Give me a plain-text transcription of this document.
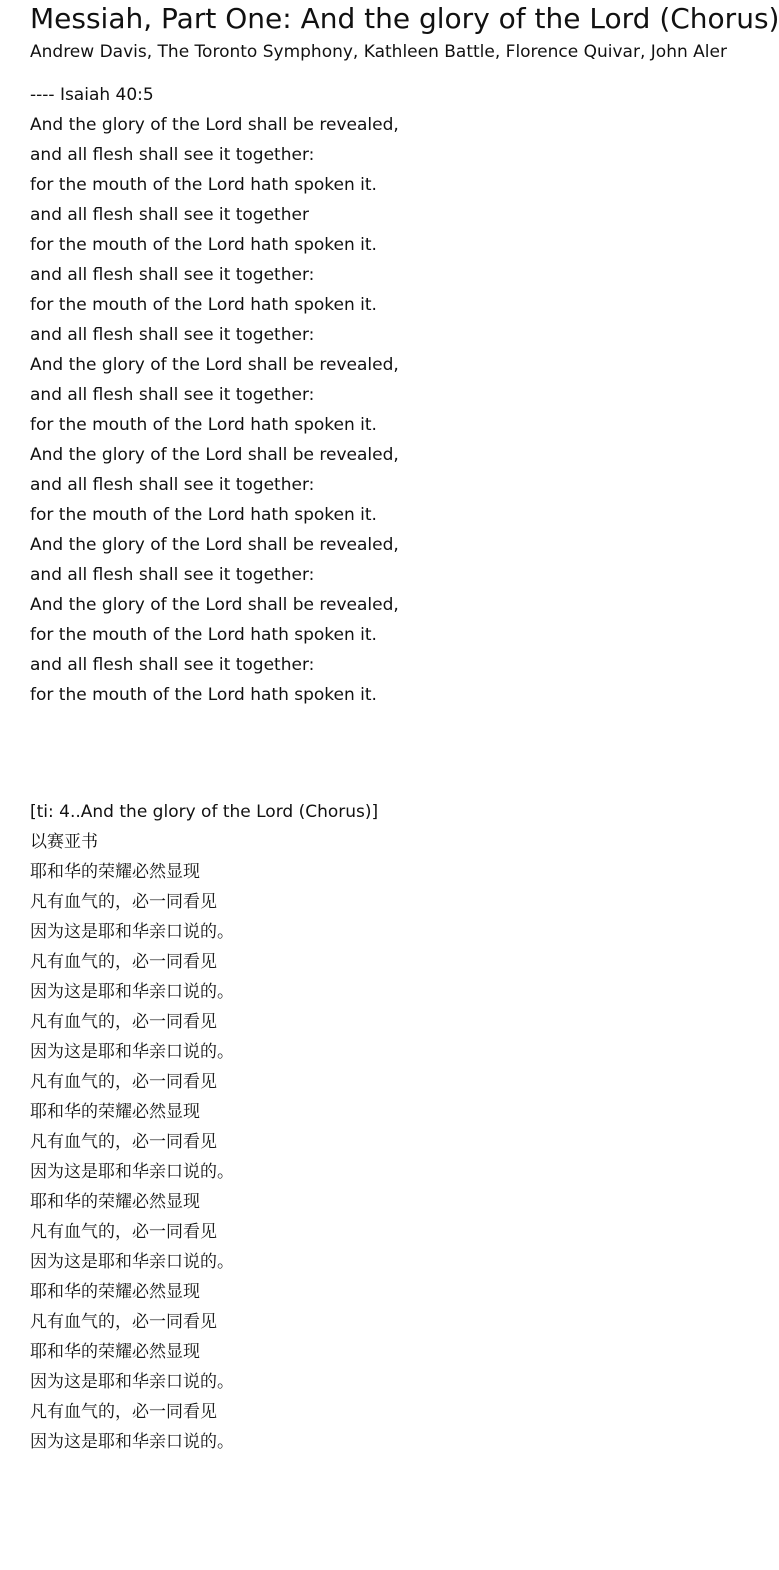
Messiah, Part One: And the glory of the Lord (Chorus)
Andrew Davis, The Toronto Symphony, Kathleen Battle, Florence Quivar, John Aler
---- Isaiah 40:5
And the glory of the Lord shall be revealed,
and all flesh shall see it together:
for the mouth of the Lord hath spoken it.
and all flesh shall see it together
for the mouth of the Lord hath spoken it.
and all flesh shall see it together:
for the mouth of the Lord hath spoken it.
and all flesh shall see it together:
And the glory of the Lord shall be revealed,
and all flesh shall see it together:
for the mouth of the Lord hath spoken it.
And the glory of the Lord shall be revealed,
and all flesh shall see it together:
for the mouth of the Lord hath spoken it.
And the glory of the Lord shall be revealed,
and all flesh shall see it together:
And the glory of the Lord shall be revealed,
for the mouth of the Lord hath spoken it.
and all flesh shall see it together:
for the mouth of the Lord hath spoken it.
[ti: 4..And the glory of the Lord (Chorus)]
以赛亚书
耶和华的荣耀必然显现
凡有血气的，必一同看见
因为这是耶和华亲口说的。
凡有血气的，必一同看见
因为这是耶和华亲口说的。
凡有血气的，必一同看见
因为这是耶和华亲口说的。
凡有血气的，必一同看见
耶和华的荣耀必然显现
凡有血气的，必一同看见
因为这是耶和华亲口说的。
耶和华的荣耀必然显现
凡有血气的，必一同看见
因为这是耶和华亲口说的。
耶和华的荣耀必然显现
凡有血气的，必一同看见
耶和华的荣耀必然显现
因为这是耶和华亲口说的。
凡有血气的，必一同看见
因为这是耶和华亲口说的。
